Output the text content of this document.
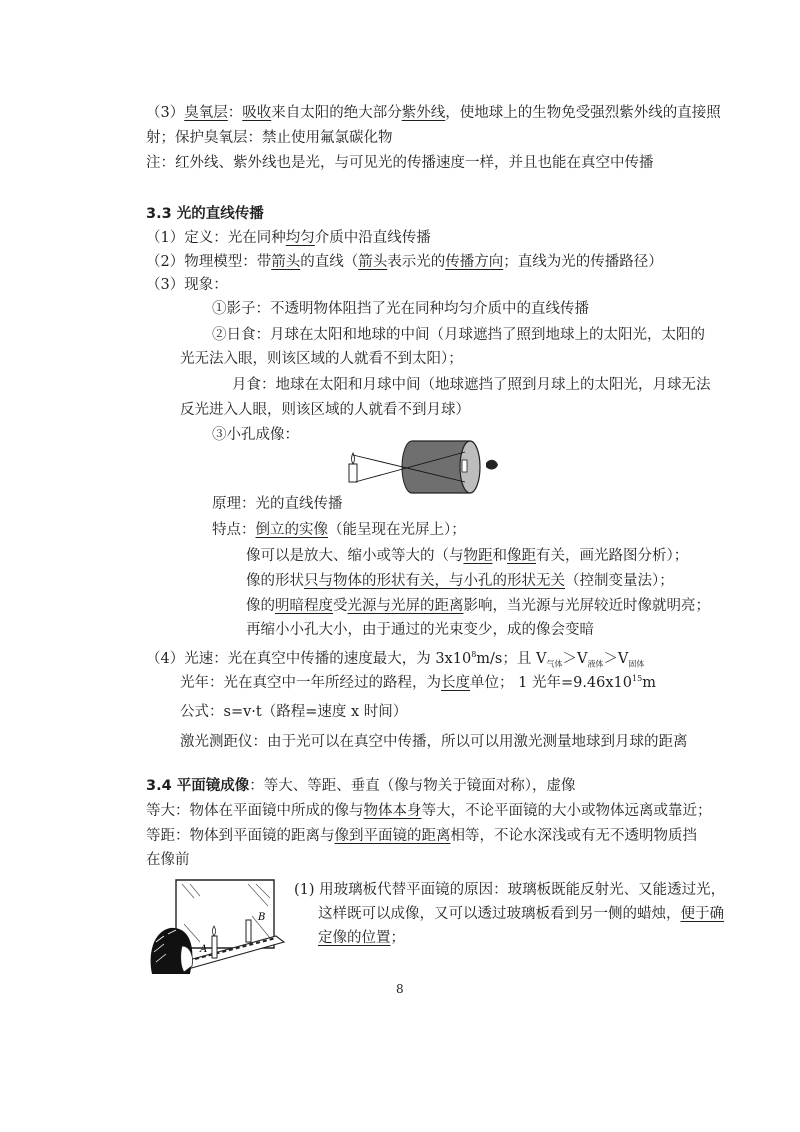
（3）臭氧层：吸收来自太阳的绝大部分紫外线，使地球上的生物免受强烈紫外线的直接照
射；保护臭氧层：禁止使用氟氯碳化物
注：红外线、紫外线也是光，与可见光的传播速度一样，并且也能在真空中传播
3.3 光的直线传播
（1）定义：光在同种均匀介质中沿直线传播
（2）物理模型：带箭头的直线（箭头表示光的传播方向；直线为光的传播路径）
（3）现象：
①影子：不透明物体阻挡了光在同种均匀介质中的直线传播
②日食：月球在太阳和地球的中间（月球遮挡了照到地球上的太阳光，太阳的
光无法入眼，则该区域的人就看不到太阳）；
月食：地球在太阳和月球中间（地球遮挡了照到月球上的太阳光，月球无法
反光进入人眼，则该区域的人就看不到月球）
③小孔成像：
原理：光的直线传播
特点：倒立的实像（能呈现在光屏上）；
像可以是放大、缩小或等大的（与物距和像距有关，画光路图分析）；
像的形状只与物体的形状有关，与小孔的形状无关（控制变量法）；
像的明暗程度受光源与光屏的距离影响，当光源与光屏较近时像就明亮；
再缩小小孔大小，由于通过的光束变少，成的像会变暗
（4）光速：光在真空中传播的速度最大，为 $3x10^8m/s$；且 $V_{气体}>V_{液体}>V_{固体}$
光年：光在真空中一年所经过的路程，为长度单位； 1 光年$=9.46x10^{15}m$
公式：s=v·t（路程=速度 x 时间）
激光测距仪：由于光可以在真空中传播，所以可以用激光测量地球到月球的距离
3.4 平面镜成像：等大、等距、垂直（像与物关于镜面对称），虚像
等大：物体在平面镜中所成的像与物体本身等大，不论平面镜的大小或物体远离或靠近；
等距：物体到平面镜的距离与像到平面镜的距离相等，不论水深浅或有无不透明物质挡
在像前
B
A
(1) 用玻璃板代替平面镜的原因：玻璃板既能反射光、又能透过光，
这样既可以成像，又可以透过玻璃板看到另一侧的蜡烛，便于确
定像的位置；
8
